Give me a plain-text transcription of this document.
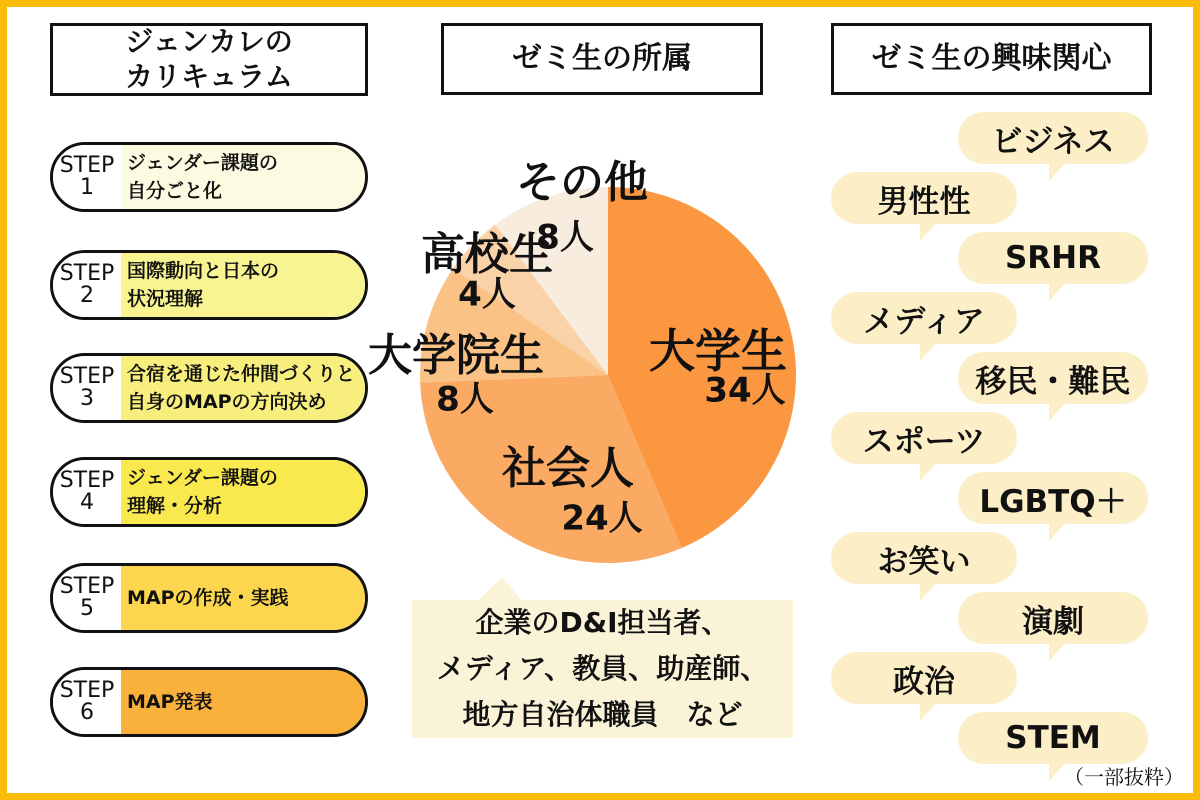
ジェンカレの
カリキュラム
STEP
1
ジェンダー課題の
自分ごと化
STEP
2
国際動向と日本の
状況理解
STEP
3
合宿を通じた仲間づくりと
自身のMAPの方向決め
STEP
4
ジェンダー課題の
理解・分析
STEP
5 MAPの作成・実践
STEP
6 MAP発表
ゼミ生の所属
大学生
34人
社会人
24人
大学院生
8人
高校生
4人
その他
8人
企業のD&I担当者、
メディア、教員、助産師、
地方自治体職員　など
ゼミ生の興味関心
ビジネス
男性性
SRHR
メディア
移民・難民
スポーツ
LGBTQ＋
お笑い
演劇
政治
STEM
（一部抜粋）
